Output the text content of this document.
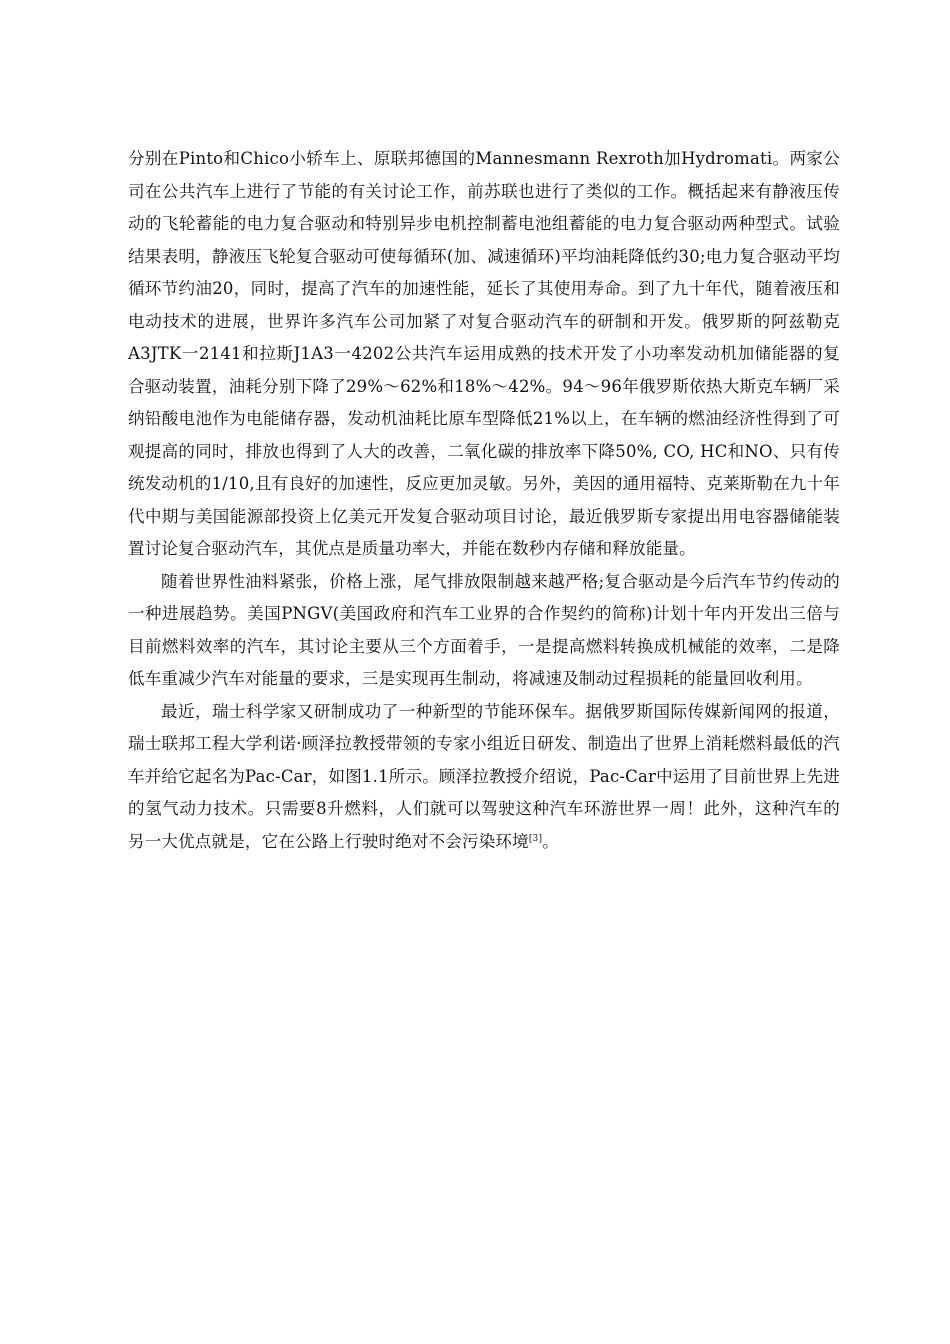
分别在Pinto和Chico小轿车上、原联邦德国的Mannesmann Rexroth加Hydromati。两家公司在公共汽车上进行了节能的有关讨论工作，前苏联也进行了类似的工作。概括起来有静液压传动的飞轮蓄能的电力复合驱动和特别异步电机控制蓄电池组蓄能的电力复合驱动两种型式。试验结果表明，静液压飞轮复合驱动可使每循环(加、减速循环)平均油耗降低约30;电力复合驱动平均循环节约油20，同时，提高了汽车的加速性能，延长了其使用寿命。到了九十年代，随着液压和电动技术的进展，世界许多汽车公司加紧了对复合驱动汽车的研制和开发。俄罗斯的阿兹勒克A3JTK一2141和拉斯J1A3一4202公共汽车运用成熟的技术开发了小功率发动机加储能器的复合驱动装置，油耗分别下降了29%～62%和18%～42%。94～96年俄罗斯依热大斯克车辆厂采纳铅酸电池作为电能储存器，发动机油耗比原车型降低21%以上，在车辆的燃油经济性得到了可观提高的同时，排放也得到了人大的改善，二氧化碳的排放率下降50%, CO, HC和NO、只有传统发动机的1/10,且有良好的加速性，反应更加灵敏。另外，美因的通用福特、克莱斯勒在九十年代中期与美国能源部投资上亿美元开发复合驱动项目讨论，最近俄罗斯专家提出用电容器储能装置讨论复合驱动汽车，其优点是质量功率大，并能在数秒内存储和释放能量。

随着世界性油料紧张，价格上涨，尾气排放限制越来越严格;复合驱动是今后汽车节约传动的一种进展趋势。美国PNGV(美国政府和汽车工业界的合作契约的简称)计划十年内开发出三倍与目前燃料效率的汽车，其讨论主要从三个方面着手，一是提高燃料转换成机械能的效率，二是降低车重减少汽车对能量的要求，三是实现再生制动，将减速及制动过程损耗的能量回收利用。

最近，瑞士科学家又研制成功了一种新型的节能环保车。据俄罗斯国际传媒新闻网的报道，瑞士联邦工程大学利诺·顾泽拉教授带领的专家小组近日研发、制造出了世界上消耗燃料最低的汽车并给它起名为Pac-Car，如图1.1所示。顾泽拉教授介绍说，Pac-Car中运用了目前世界上先进的氢气动力技术。只需要8升燃料，人们就可以驾驶这种汽车环游世界一周！此外，这种汽车的另一大优点就是，它在公路上行驶时绝对不会污染环境[3]。
